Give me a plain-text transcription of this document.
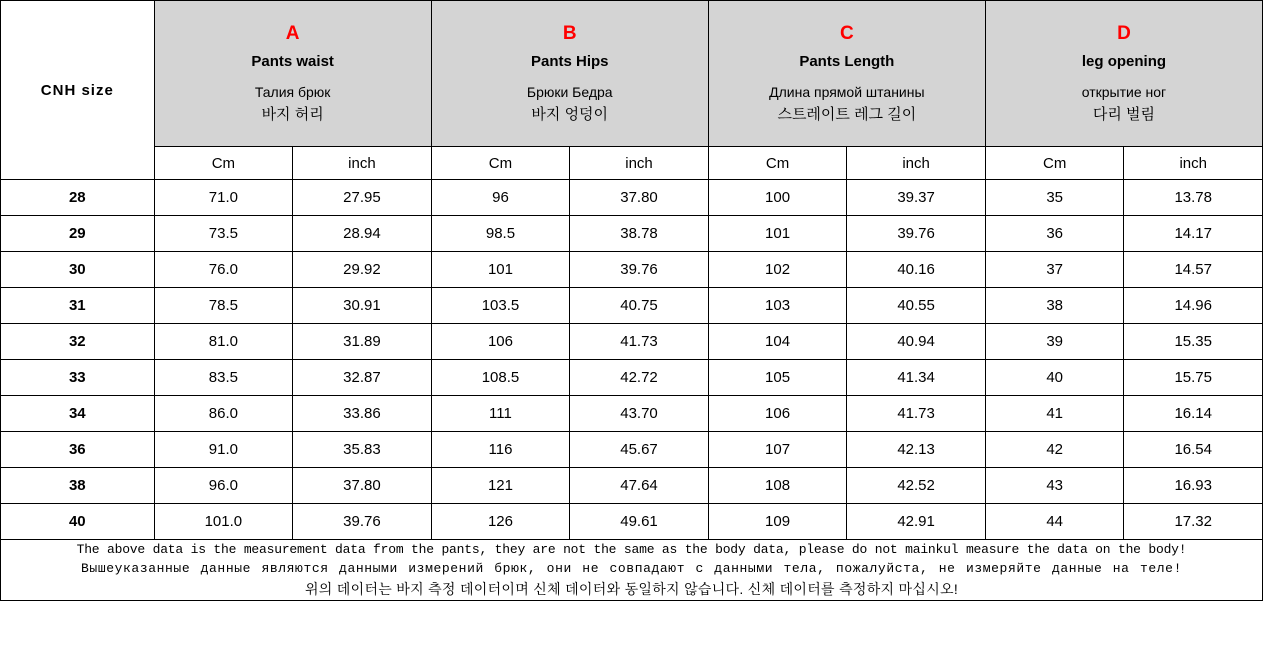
CNH size	
A
Pants waist
Талия брюк
바지 허리

B
Pants Hips
Брюки Бедра
바지 엉덩이

C
Pants Length
Длина прямой штанины
스트레이트 레그 길이

D
leg opening
открытие ног
다리 벌림

	Cm	inch	Cm	inch	Cm	inch	Cm	inch
28	71.0	27.95	96	37.80	100	39.37	35	13.78
29	73.5	28.94	98.5	38.78	101	39.76	36	14.17
30	76.0	29.92	101	39.76	102	40.16	37	14.57
31	78.5	30.91	103.5	40.75	103	40.55	38	14.96
32	81.0	31.89	106	41.73	104	40.94	39	15.35
33	83.5	32.87	108.5	42.72	105	41.34	40	15.75
34	86.0	33.86	111	43.70	106	41.73	41	16.14
36	91.0	35.83	116	45.67	107	42.13	42	16.54
38	96.0	37.80	121	47.64	108	42.52	43	16.93
40	101.0	39.76	126	49.61	109	42.91	44	17.32

The above data is the measurement data from the pants, they are not the same as the body data, please do not mainkul measure the data on the body!
Вышеуказанные данные являются данными измерений брюк, они не совпадают с данными тела, пожалуйста, не измеряйте данные на теле!
위의 데이터는 바지 측정 데이터이며 신체 데이터와 동일하지 않습니다. 신체 데이터를 측정하지 마십시오!								
